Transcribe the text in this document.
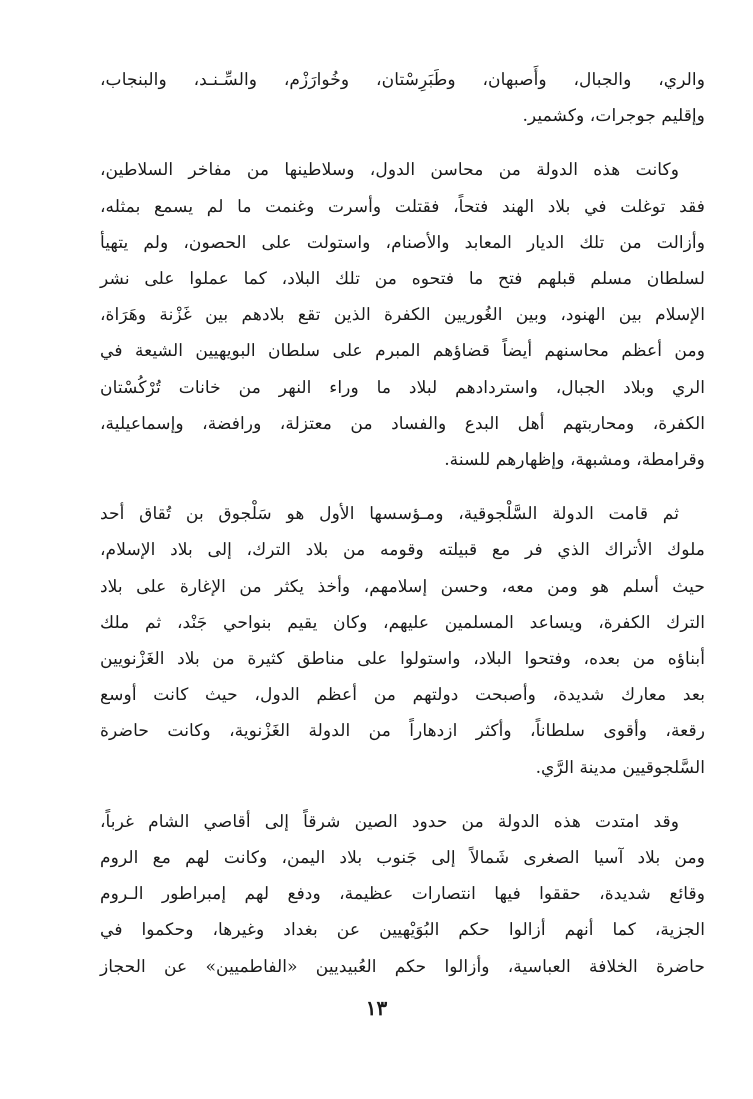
والري، والجبال، وأَصبهان، وطَبَرِسْتان، وخُوارَزْم، والسِّـنـد، والبنجاب،
وإقليم جوجرات، وكشمير.

وكانت هذه الدولة من محاسن الدول، وسلاطينها من مفاخر السلاطين،
فقد توغلت في بلاد الهند فتحاً، فقتلت وأسرت وغنمت ما لم يسمع بمثله،
وأزالت من تلك الديار المعابد والأصنام، واستولت على الحصون، ولم يتهيأ
لسلطان مسلم قبلهم فتح ما فتحوه من تلك البلاد، كما عملوا على نشر
الإسلام بين الهنود، وبين الغُوريين الكفرة الذين تقع بلادهم بين غَزْنة وهَرَاة،
ومن أعظم محاسنهم أيضاً قضاؤهم المبرم على سلطان البويهيين الشيعة في
الري وبلاد الجبال، واستردادهم لبلاد ما وراء النهر من خانات تُرْكُسْتان
الكفرة، ومحاربتهم أهل البدع والفساد من معتزلة، ورافضة، وإسماعيلية،
وقرامطة، ومشبهة، وإظهارهم للسنة.

ثم قامت الدولة السَّلْجوقية، ومـؤسسها الأول هو سَلْجوق بن تُقاق أحد
ملوك الأتراك الذي فر مع قبيلته وقومه من بلاد الترك، إلى بلاد الإسلام،
حيث أسلم هو ومن معه، وحسن إسلامهم، وأخذ يكثر من الإغارة على بلاد
الترك الكفرة، ويساعد المسلمين عليهم، وكان يقيم بنواحي جَنْد، ثم ملك
أبناؤه من بعده، وفتحوا البلاد، واستولوا على مناطق كثيرة من بلاد الغَزْنويين
بعد معارك شديدة، وأصبحت دولتهم من أعظم الدول، حيث كانت أوسع
رقعة، وأقوى سلطاناً، وأكثر ازدهاراً من الدولة الغَزْنوية، وكانت حاضرة
السَّلجوقيين مدينة الرَّي.

وقد امتدت هذه الدولة من حدود الصين شرقاً إلى أقاصي الشام غرباً،
ومن بلاد آسيا الصغرى شَمالاً إلى جَنوب بلاد اليمن، وكانت لهم مع الروم
وقائع شديدة، حققوا فيها انتصارات عظيمة، ودفع لهم إمبراطور الـروم
الجزية، كما أنهم أزالوا حكم البُوَيْهيين عن بغداد وغيرها، وحكموا في
حاضرة الخلافة العباسية، وأزالوا حكم العُبيديين «الفاطميين» عن الحجاز

١٣
